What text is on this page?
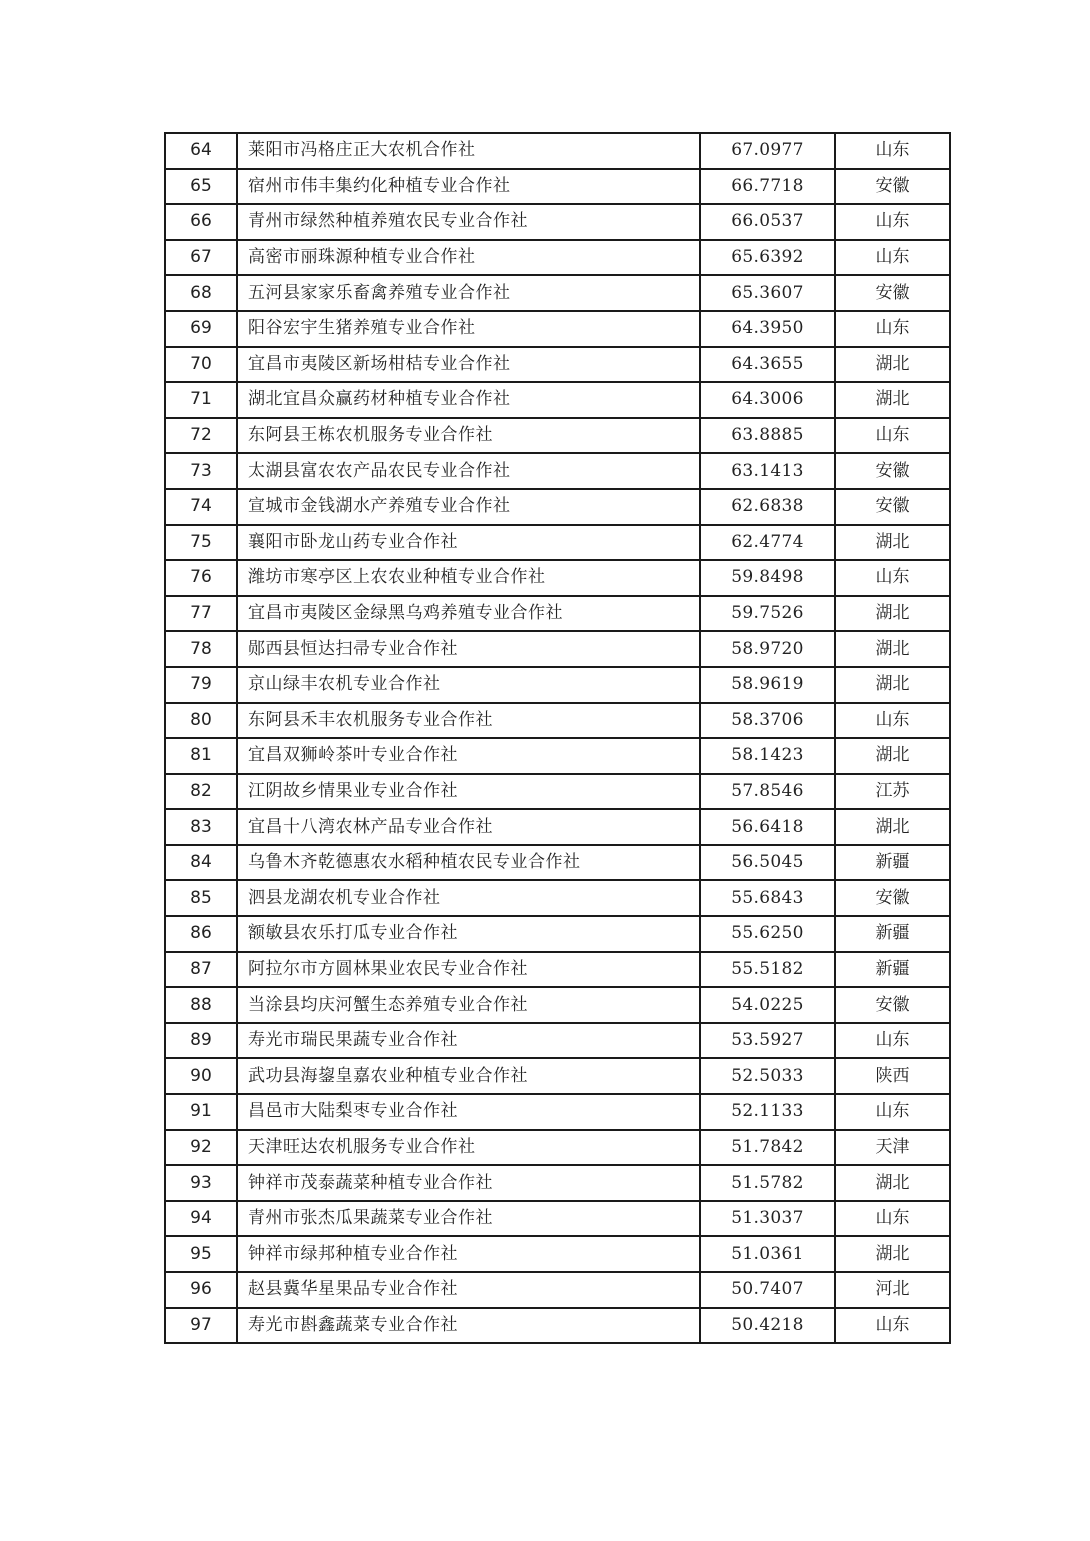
64	莱阳市冯格庄正大农机合作社	67.0977	山东
65	宿州市伟丰集约化种植专业合作社	66.7718	安徽
66	青州市绿然种植养殖农民专业合作社	66.0537	山东
67	高密市丽珠源种植专业合作社	65.6392	山东
68	五河县家家乐畜禽养殖专业合作社	65.3607	安徽
69	阳谷宏宇生猪养殖专业合作社	64.3950	山东
70	宜昌市夷陵区新场柑桔专业合作社	64.3655	湖北
71	湖北宜昌众赢药材种植专业合作社	64.3006	湖北
72	东阿县王栋农机服务专业合作社	63.8885	山东
73	太湖县富农农产品农民专业合作社	63.1413	安徽
74	宣城市金钱湖水产养殖专业合作社	62.6838	安徽
75	襄阳市卧龙山药专业合作社	62.4774	湖北
76	潍坊市寒亭区上农农业种植专业合作社	59.8498	山东
77	宜昌市夷陵区金绿黑乌鸡养殖专业合作社	59.7526	湖北
78	郧西县恒达扫帚专业合作社	58.9720	湖北
79	京山绿丰农机专业合作社	58.9619	湖北
80	东阿县禾丰农机服务专业合作社	58.3706	山东
81	宜昌双狮岭茶叶专业合作社	58.1423	湖北
82	江阴故乡情果业专业合作社	57.8546	江苏
83	宜昌十八湾农林产品专业合作社	56.6418	湖北
84	乌鲁木齐乾德惠农水稻种植农民专业合作社	56.5045	新疆
85	泗县龙湖农机专业合作社	55.6843	安徽
86	额敏县农乐打瓜专业合作社	55.6250	新疆
87	阿拉尔市方圆林果业农民专业合作社	55.5182	新疆
88	当涂县均庆河蟹生态养殖专业合作社	54.0225	安徽
89	寿光市瑞民果蔬专业合作社	53.5927	山东
90	武功县海鋆皇嘉农业种植专业合作社	52.5033	陕西
91	昌邑市大陆梨枣专业合作社	52.1133	山东
92	天津旺达农机服务专业合作社	51.7842	天津
93	钟祥市茂泰蔬菜种植专业合作社	51.5782	湖北
94	青州市张杰瓜果蔬菜专业合作社	51.3037	山东
95	钟祥市绿邦种植专业合作社	51.0361	湖北
96	赵县冀华星果品专业合作社	50.7407	河北
97	寿光市斟鑫蔬菜专业合作社	50.4218	山东
